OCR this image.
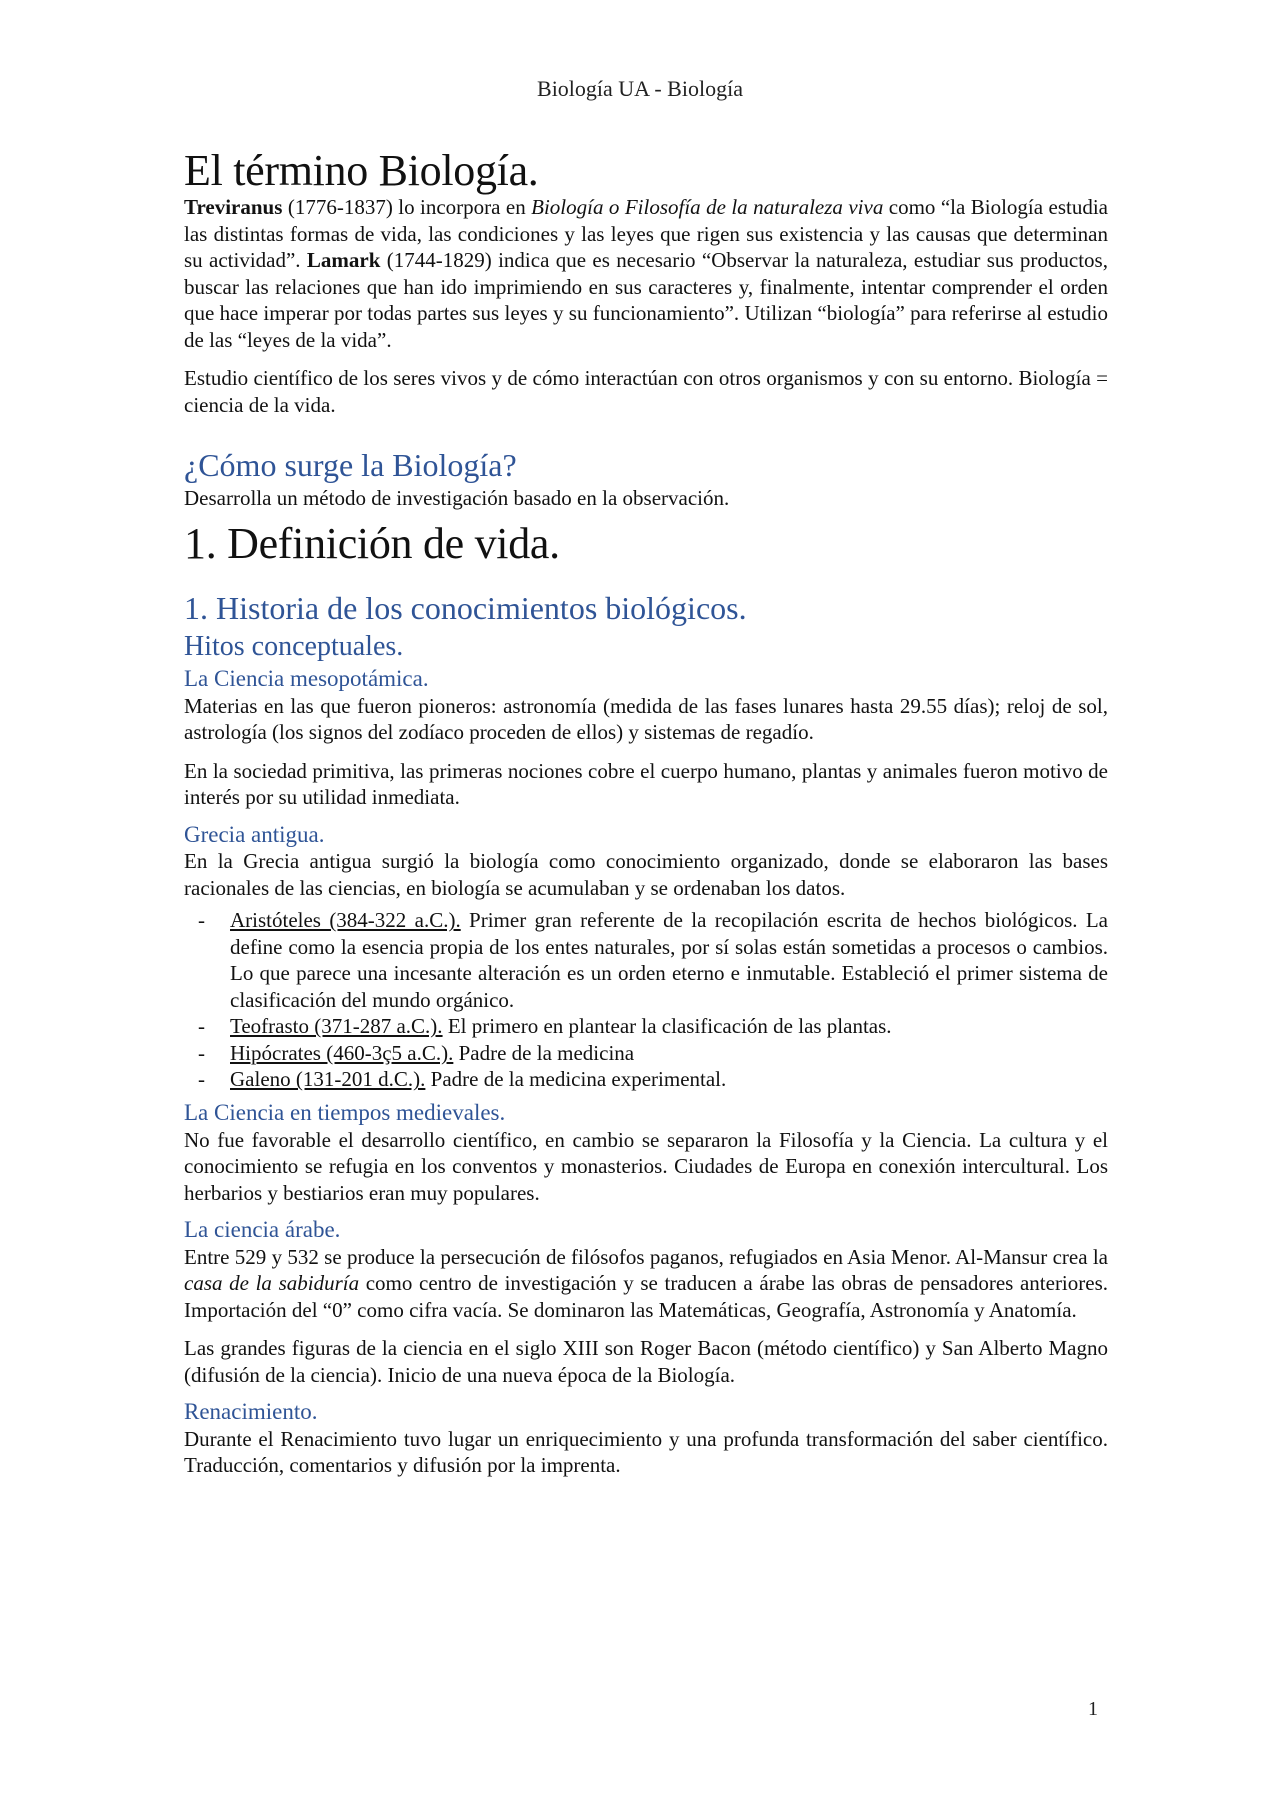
Biología UA - Biología
El término Biología.

Treviranus (1776-1837) lo incorpora en Biología o Filosofía de la naturaleza viva como “la Biología estudia las distintas formas de vida, las condiciones y las leyes que rigen sus existencia y las causas que determinan su actividad”. Lamark (1744-1829) indica que es necesario “Observar la naturaleza, estudiar sus productos, buscar las relaciones que han ido imprimiendo en sus caracteres y, finalmente, intentar comprender el orden que hace imperar por todas partes sus leyes y su funcionamiento”. Utilizan “biología” para referirse al estudio de las “leyes de la vida”.

Estudio científico de los seres vivos y de cómo interactúan con otros organismos y con su entorno. Biología = ciencia de la vida.

¿Cómo surge la Biología?

Desarrolla un método de investigación basado en la observación.

1. Definición de vida.
1. Historia de los conocimientos biológicos.
Hitos conceptuales.
La Ciencia mesopotámica.

Materias en las que fueron pioneros: astronomía (medida de las fases lunares hasta 29.55 días); reloj de sol, astrología (los signos del zodíaco proceden de ellos) y sistemas de regadío.

En la sociedad primitiva, las primeras nociones cobre el cuerpo humano, plantas y animales fueron motivo de interés por su utilidad inmediata.

Grecia antigua.

En la Grecia antigua surgió la biología como conocimiento organizado, donde se elaboraron las bases racionales de las ciencias, en biología se acumulaban y se ordenaban los datos.

- Aristóteles (384-322 a.C.). Primer gran referente de la recopilación escrita de hechos biológicos. La define como la esencia propia de los entes naturales, por sí solas están sometidas a procesos o cambios. Lo que parece una incesante alteración es un orden eterno e inmutable. Estableció el primer sistema de clasificación del mundo orgánico.
- Teofrasto (371-287 a.C.). El primero en plantear la clasificación de las plantas.
- Hipócrates (460-3ç5 a.C.). Padre de la medicina
- Galeno (131-201 d.C.). Padre de la medicina experimental.
La Ciencia en tiempos medievales.

No fue favorable el desarrollo científico, en cambio se separaron la Filosofía y la Ciencia. La cultura y el conocimiento se refugia en los conventos y monasterios. Ciudades de Europa en conexión intercultural. Los herbarios y bestiarios eran muy populares.

La ciencia árabe.

Entre 529 y 532 se produce la persecución de filósofos paganos, refugiados en Asia Menor. Al-Mansur crea la casa de la sabiduría como centro de investigación y se traducen a árabe las obras de pensadores anteriores. Importación del “0” como cifra vacía. Se dominaron las Matemáticas, Geografía, Astronomía y Anatomía.

Las grandes figuras de la ciencia en el siglo XIII son Roger Bacon (método científico) y San Alberto Magno (difusión de la ciencia). Inicio de una nueva época de la Biología.

Renacimiento.

Durante el Renacimiento tuvo lugar un enriquecimiento y una profunda transformación del saber científico. Traducción, comentarios y difusión por la imprenta.

1
